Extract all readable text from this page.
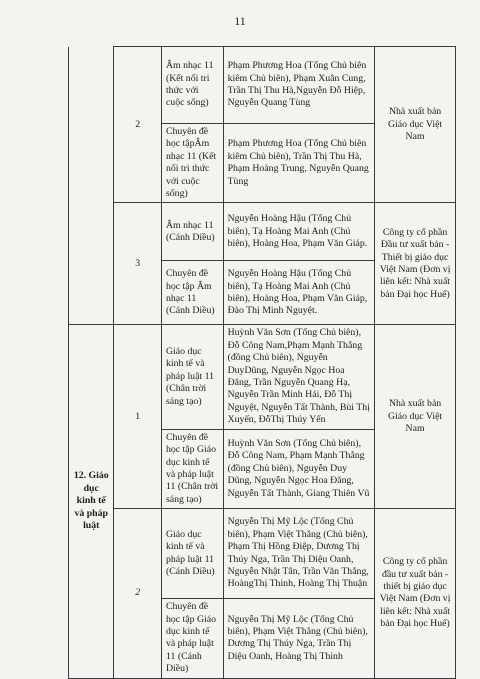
11
	2	Âm nhạc 11 (Kết nối tri thức với cuộc sống)	Phạm Phương Hoa (Tổng Chủ biên kiêm Chủ biên), Phạm Xuân Cung, Trần Thị Thu Hà,Nguyễn Đỗ Hiệp, Nguyễn Quang Tùng	Nhà xuất bản Giáo dục Việt Nam
		Chuyên đề học tậpÂm nhạc 11 (Kết nối tri thức với cuộc sống)	Phạm Phương Hoa (Tổng Chủ biên kiêm Chủ biên), Trần Thị Thu Hà, Phạm Hoàng Trung, Nguyễn Quang Tùng	
	3	Âm nhạc 11 (Cánh Diều)	Nguyễn Hoàng Hậu (Tổng Chủ biên), Tạ Hoàng Mai Anh (Chủ biên), Hoàng Hoa, Phạm Văn Giáp.	Công ty cổ phần Đầu tư xuất bản -Thiết bị giáo dục Việt Nam (Đơn vị liên kết: Nhà xuất bản Đại học Huế)
		Chuyên đề học tập Âm nhạc 11 (Cánh Diều)	Nguyễn Hoàng Hậu (Tổng Chủ biên), Tạ Hoàng Mai Anh (Chủ biên), Hoàng Hoa, Phạm Văn Giáp, Đào Thị Minh Nguyệt.	
12. Giáo dục kinh tế và pháp luật	1	Giáo dục kinh tế và pháp luật 11 (Chân trời sáng tạo)	Huỳnh Văn Sơn (Tổng Chủ biên), Đỗ Công Nam,Phạm Mạnh Thắng (đồng Chủ biên), Nguyễn DuyDũng, Nguyễn Ngọc Hoa Đăng, Trần Nguyễn Quang Hạ, Nguyễn Trần Minh Hải, Đỗ Thị Nguyệt, Nguyễn Tất Thành, Bùi Thị Xuyến, ĐỗThị Thúy Yến	Nhà xuất bản Giáo dục Việt Nam
		Chuyên đề học tập Giáo dục kinh tế và pháp luật 11 (Chân trời sáng tạo)	Huỳnh Văn Sơn (Tổng Chủ biên), Đỗ Công Nam, Phạm Mạnh Thắng (đồng Chủ biên), Nguyễn Duy Dũng, Nguyễn Ngọc Hoa Đăng, Nguyễn Tất Thành, Giang Thiên Vũ	
	2	Giáo dục kinh tế và pháp luật 11 (Cánh Diều)	Nguyễn Thị Mỹ Lộc (Tổng Chủ biên), Phạm Việt Thắng (Chủ biên), Phạm Thị Hồng Điệp, Dương Thị Thúy Nga, Trần Thị Diệu Oanh, Nguyễn Nhật Tân, Trần Văn Thắng, HoàngThị Thinh, Hoàng Thị Thuận	Công ty cổ phần đầu tư xuất bản - thiết bị giáo dục Việt Nam (Đơn vị liên kết: Nhà xuất bản Đại học Huế)
		Chuyên đề học tập Giáo dục kinh tế và pháp luật 11 (Cánh Diều)	Nguyễn Thị Mỹ Lộc (Tổng Chủ biên), Phạm Việt Thắng (Chủ biên), Dương Thị Thúy Nga, Trần Thị Diệu Oanh, Hoàng Thị Thinh	
